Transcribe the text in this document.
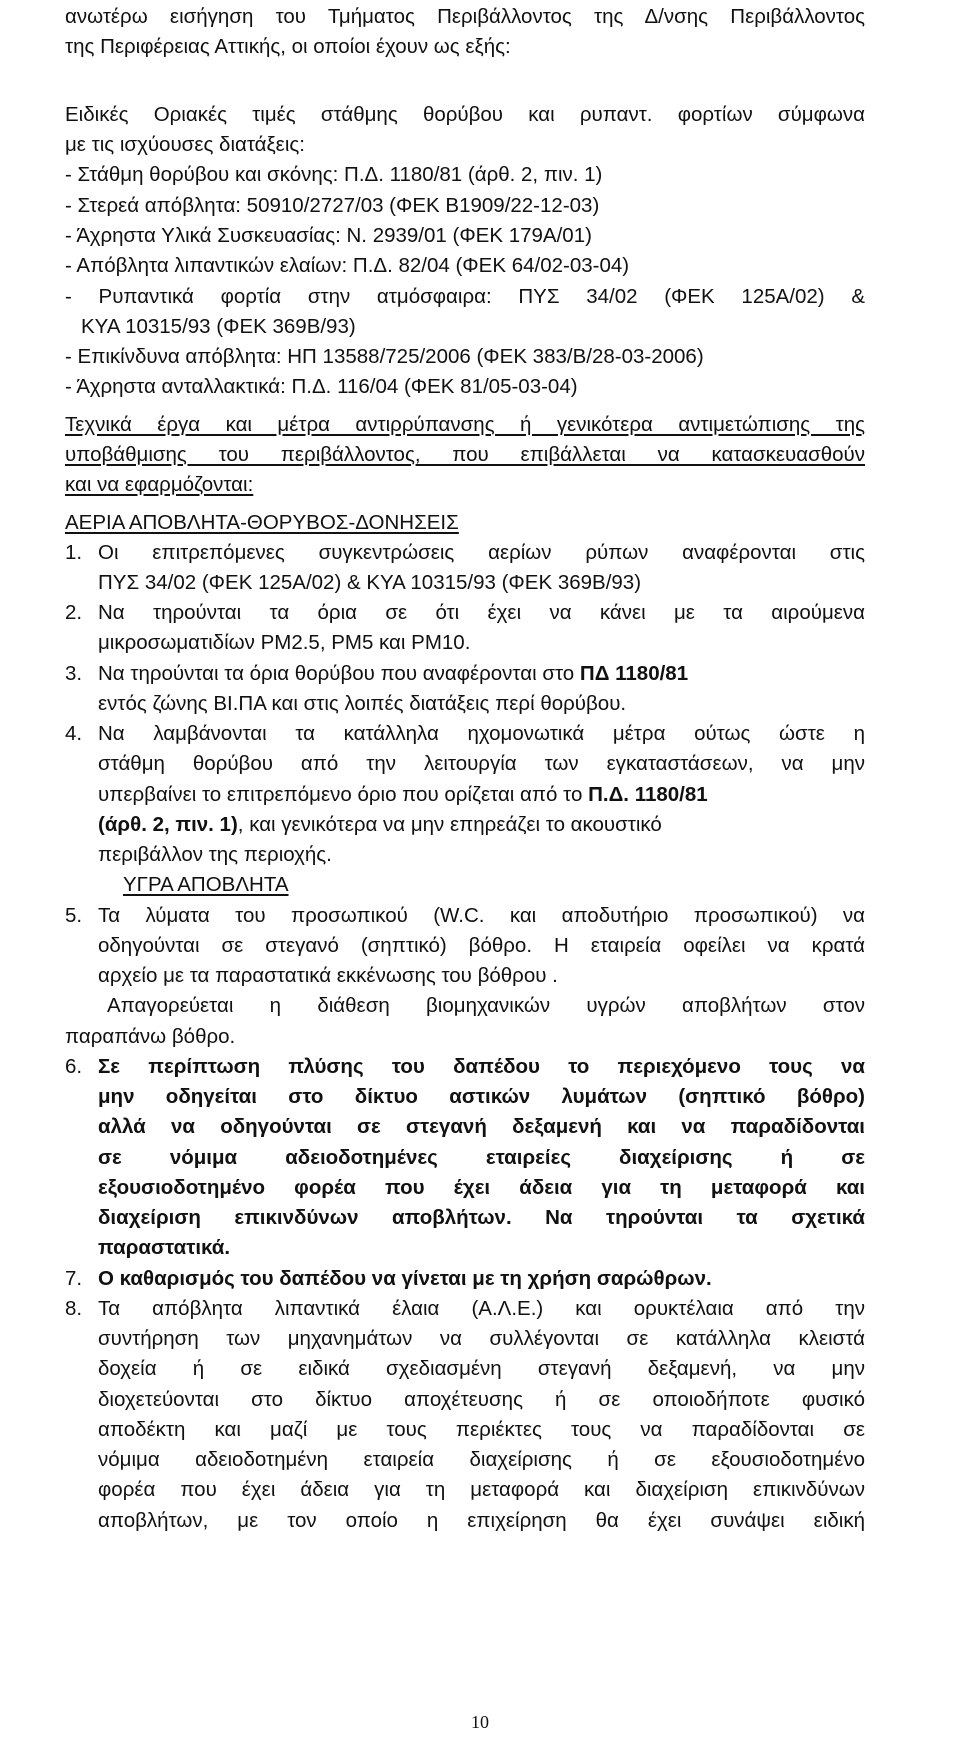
ανωτέρω εισήγηση του Τμήματος Περιβάλλοντος της Δ/νσης Περιβάλλοντος
της Περιφέρειας Αττικής, οι οποίοι έχουν ως εξής:
Ειδικές Οριακές τιμές στάθμης θορύβου και ρυπαντ. φορτίων σύμφωνα
με τις ισχύουσες διατάξεις:
- Στάθμη θορύβου και σκόνης: Π.Δ. 1180/81 (άρθ. 2, πιν. 1)
- Στερεά απόβλητα: 50910/2727/03 (ΦΕΚ Β1909/22-12-03)
- Άχρηστα Υλικά Συσκευασίας: Ν. 2939/01 (ΦΕΚ 179Α/01)
- Απόβλητα λιπαντικών ελαίων: Π.Δ. 82/04 (ΦΕΚ 64/02-03-04)
- Ρυπαντικά φορτία στην ατμόσφαιρα: ΠΥΣ 34/02 (ΦΕΚ 125Α/02) &
ΚΥΑ 10315/93 (ΦΕΚ 369Β/93)
- Επικίνδυνα απόβλητα: ΗΠ 13588/725/2006 (ΦΕΚ 383/Β/28-03-2006)
- Άχρηστα ανταλλακτικά: Π.Δ. 116/04 (ΦΕΚ 81/05-03-04)
Τεχνικά έργα και μέτρα αντιρρύπανσης ή γενικότερα αντιμετώπισης της
υποβάθμισης του περιβάλλοντος, που επιβάλλεται να κατασκευασθούν
και να εφαρμόζονται:
ΑΕΡΙΑ ΑΠΟΒΛΗΤΑ-ΘΟΡΥΒΟΣ-ΔΟΝΗΣΕΙΣ
1. Οι επιτρεπόμενες συγκεντρώσεις αερίων ρύπων αναφέρονται στις
ΠΥΣ 34/02 (ΦΕΚ 125Α/02) & ΚΥΑ 10315/93 (ΦΕΚ 369Β/93)
2. Να τηρούνται τα όρια σε ότι έχει να κάνει με τα αιρούμενα
μικροσωματιδίων PM2.5, PM5 και PM10.
3. Να τηρούνται τα όρια θορύβου που αναφέρονται στο ΠΔ 1180/81
εντός ζώνης ΒΙ.ΠΑ και στις λοιπές διατάξεις περί θορύβου.
4. Να λαμβάνονται τα κατάλληλα ηχομονωτικά μέτρα ούτως ώστε η
στάθμη θορύβου από την λειτουργία των εγκαταστάσεων, να μην
υπερβαίνει το επιτρεπόμενο όριο που ορίζεται από το Π.Δ. 1180/81
(άρθ. 2, πιν. 1), και γενικότερα να μην επηρεάζει το ακουστικό
περιβάλλον της περιοχής.
ΥΓΡΑ ΑΠΟΒΛΗΤΑ
5. Τα λύματα του προσωπικού (W.C. και αποδυτήριο προσωπικού) να
οδηγούνται σε στεγανό (σηπτικό) βόθρο. Η εταιρεία οφείλει να κρατά
αρχείο με τα παραστατικά εκκένωσης του βόθρου .
Απαγορεύεται η διάθεση βιομηχανικών υγρών αποβλήτων στον
παραπάνω βόθρο.
6. Σε περίπτωση πλύσης του δαπέδου το περιεχόμενο τους να
μην οδηγείται στο δίκτυο αστικών λυμάτων (σηπτικό βόθρο)
αλλά να οδηγούνται σε στεγανή δεξαμενή και να παραδίδονται
σε νόμιμα αδειοδοτημένες εταιρείες διαχείρισης ή σε
εξουσιοδοτημένο φορέα που έχει άδεια για τη μεταφορά και
διαχείριση επικινδύνων αποβλήτων. Να τηρούνται τα σχετικά
παραστατικά.
7. Ο καθαρισμός του δαπέδου να γίνεται με τη χρήση σαρώθρων.
8. Τα απόβλητα λιπαντικά έλαια (Α.Λ.Ε.) και ορυκτέλαια από την
συντήρηση των μηχανημάτων να συλλέγονται σε κατάλληλα κλειστά
δοχεία ή σε ειδικά σχεδιασμένη στεγανή δεξαμενή, να μην
διοχετεύονται στο δίκτυο αποχέτευσης ή σε οποιοδήποτε φυσικό
αποδέκτη και μαζί με τους περιέκτες τους να παραδίδονται σε
νόμιμα αδειοδοτημένη εταιρεία διαχείρισης ή σε εξουσιοδοτημένο
φορέα που έχει άδεια για τη μεταφορά και διαχείριση επικινδύνων
αποβλήτων, με τον οποίο η επιχείρηση θα έχει συνάψει ειδική
10
